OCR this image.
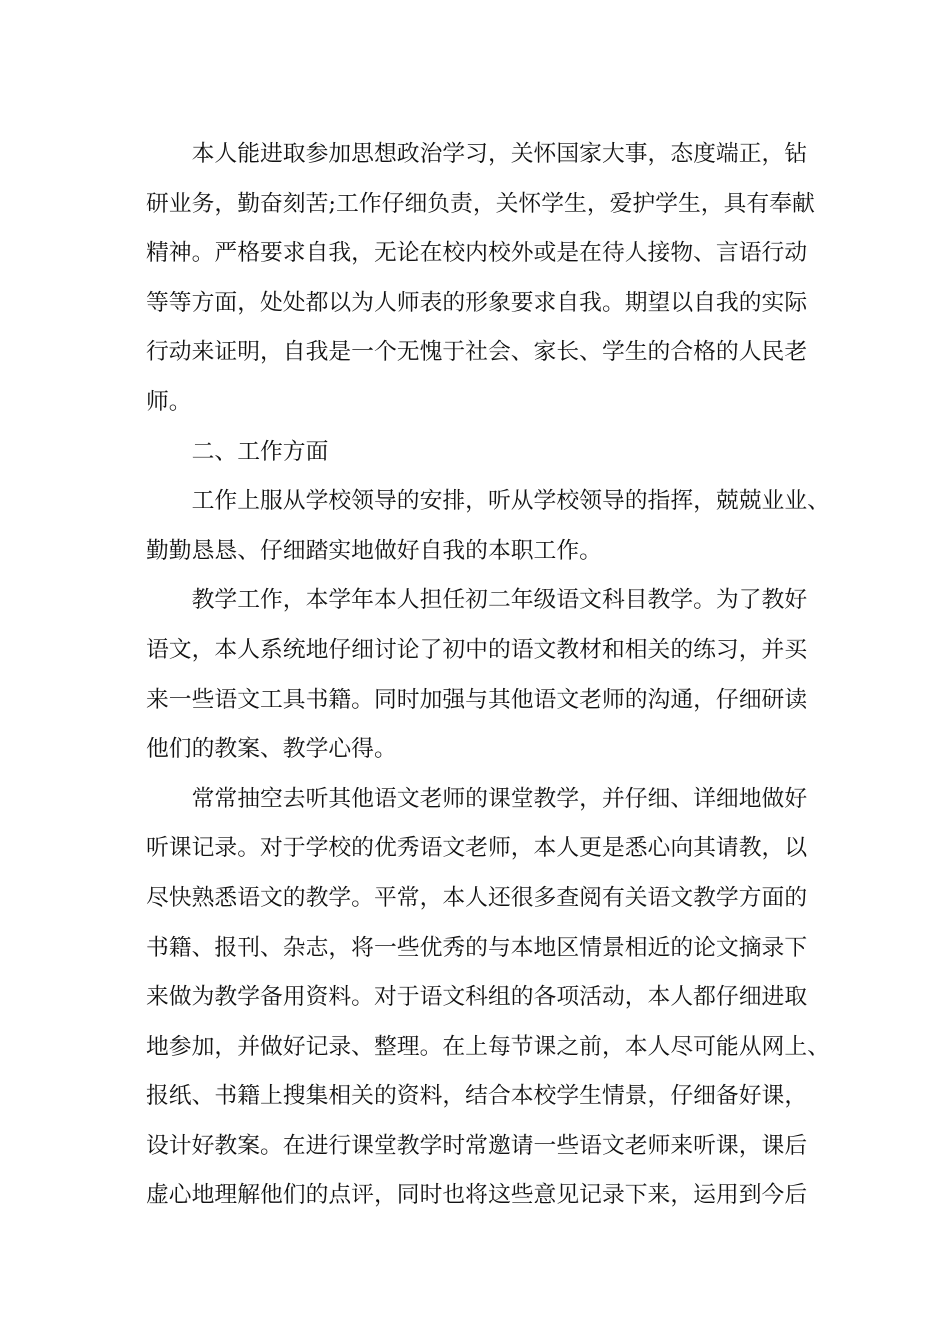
本人能进取参加思想政治学习，关怀国家大事，态度端正，钻
研业务，勤奋刻苦;工作仔细负责，关怀学生，爱护学生，具有奉献
精神。严格要求自我，无论在校内校外或是在待人接物、言语行动
等等方面，处处都以为人师表的形象要求自我。期望以自我的实际
行动来证明，自我是一个无愧于社会、家长、学生的合格的人民老
师。
二、工作方面
工作上服从学校领导的安排，听从学校领导的指挥，兢兢业业、
勤勤恳恳、仔细踏实地做好自我的本职工作。
教学工作，本学年本人担任初二年级语文科目教学。为了教好
语文，本人系统地仔细讨论了初中的语文教材和相关的练习，并买
来一些语文工具书籍。同时加强与其他语文老师的沟通，仔细研读
他们的教案、教学心得。
常常抽空去听其他语文老师的课堂教学，并仔细、详细地做好
听课记录。对于学校的优秀语文老师，本人更是悉心向其请教，以
尽快熟悉语文的教学。平常，本人还很多查阅有关语文教学方面的
书籍、报刊、杂志，将一些优秀的与本地区情景相近的论文摘录下
来做为教学备用资料。对于语文科组的各项活动，本人都仔细进取
地参加，并做好记录、整理。在上每节课之前，本人尽可能从网上、
报纸、书籍上搜集相关的资料，结合本校学生情景，仔细备好课，
设计好教案。在进行课堂教学时常邀请一些语文老师来听课，课后
虚心地理解他们的点评，同时也将这些意见记录下来，运用到今后
